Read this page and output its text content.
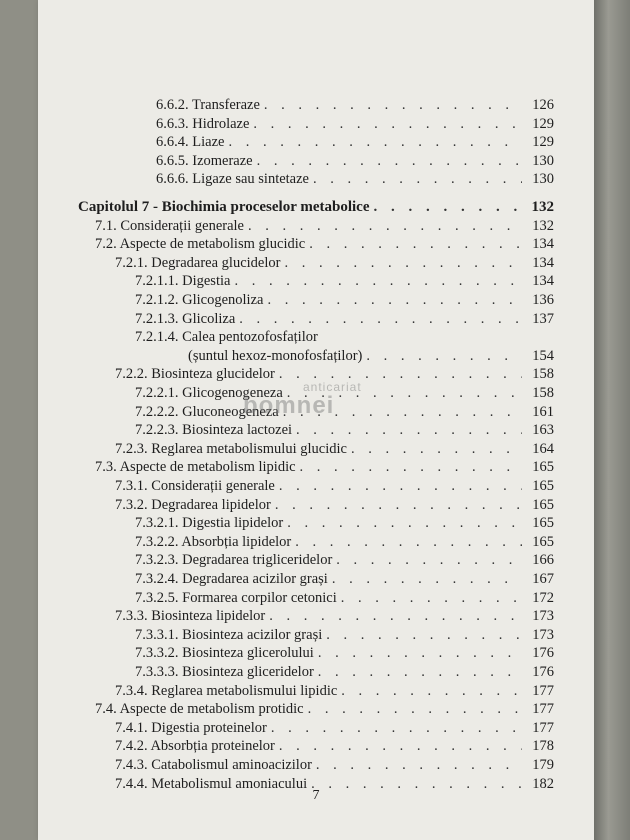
6.6.2. Transferaze . . .	126
6.6.3. Hidrolaze . . .	129
6.6.4. Liaze . . .	129
6.6.5. Izomeraze . . .	130
6.6.6. Ligaze sau sintetaze . . .	130
Capitolul 7 - Biochimia proceselor metabolice . . .	132
7.1. Considerații generale . . .	132
7.2. Aspecte de metabolism glucidic . . .	134
7.2.1. Degradarea glucidelor . . .	134
7.2.1.1. Digestia . . .	134
7.2.1.2. Glicogenoliza . . .	136
7.2.1.3. Glicoliza . . .	137
7.2.1.4. Calea pentozofosfaților
(șuntul hexoz-monofosfaților) . . .	154
7.2.2. Biosinteza glucidelor . . .	158
7.2.2.1. Glicogenogeneza . . .	158
7.2.2.2. Gluconeogeneza . . .	161
7.2.2.3. Biosinteza lactozei . . .	163
7.2.3. Reglarea metabolismului glucidic . . .	164
7.3. Aspecte de metabolism lipidic . . .	165
7.3.1. Considerații generale . . .	165
7.3.2. Degradarea lipidelor . . .	165
7.3.2.1. Digestia lipidelor . . .	165
7.3.2.2. Absorbția lipidelor . . .	165
7.3.2.3. Degradarea trigliceridelor . . .	166
7.3.2.4. Degradarea acizilor grași . . .	167
7.3.2.5. Formarea corpilor cetonici . . .	172
7.3.3. Biosinteza lipidelor . . .	173
7.3.3.1. Biosinteza acizilor grași . . .	173
7.3.3.2. Biosinteza glicerolului . . .	176
7.3.3.3. Biosinteza gliceridelor . . .	176
7.3.4. Reglarea metabolismului lipidic . . .	177
7.4. Aspecte de metabolism protidic . . .	177
7.4.1. Digestia proteinelor . . .	177
7.4.2. Absorbția proteinelor . . .	178
7.4.3. Catabolismul aminoacizilor . . .	179
7.4.4. Metabolismul amoniacului . . .	182
7
anticariat
bomnei
